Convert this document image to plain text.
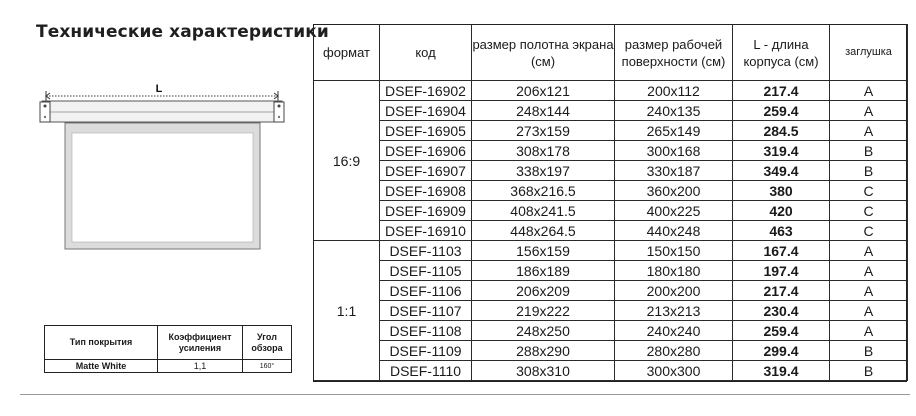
Технические характеристики
L
Тип покрытия	Коэффициент усиления	Угол обзора
Matte White	1,1	160°
формат	код	размер полотна экрана (см)	размер рабочей поверхности (см)	L - длина корпуса (см)	заглушка
16:9	DSEF-16902	206x121	200x112	217.4	A
	DSEF-16904	248x144	240x135	259.4	A
	DSEF-16905	273x159	265x149	284.5	A
	DSEF-16906	308x178	300x168	319.4	B
	DSEF-16907	338x197	330x187	349.4	B
	DSEF-16908	368x216.5	360x200	380	C
	DSEF-16909	408x241.5	400x225	420	C
	DSEF-16910	448x264.5	440x248	463	C
1:1	DSEF-1103	156x159	150x150	167.4	A
	DSEF-1105	186x189	180x180	197.4	A
	DSEF-1106	206x209	200x200	217.4	A
	DSEF-1107	219x222	213x213	230.4	A
	DSEF-1108	248x250	240x240	259.4	A
	DSEF-1109	288x290	280x280	299.4	B
	DSEF-1110	308x310	300x300	319.4	B
